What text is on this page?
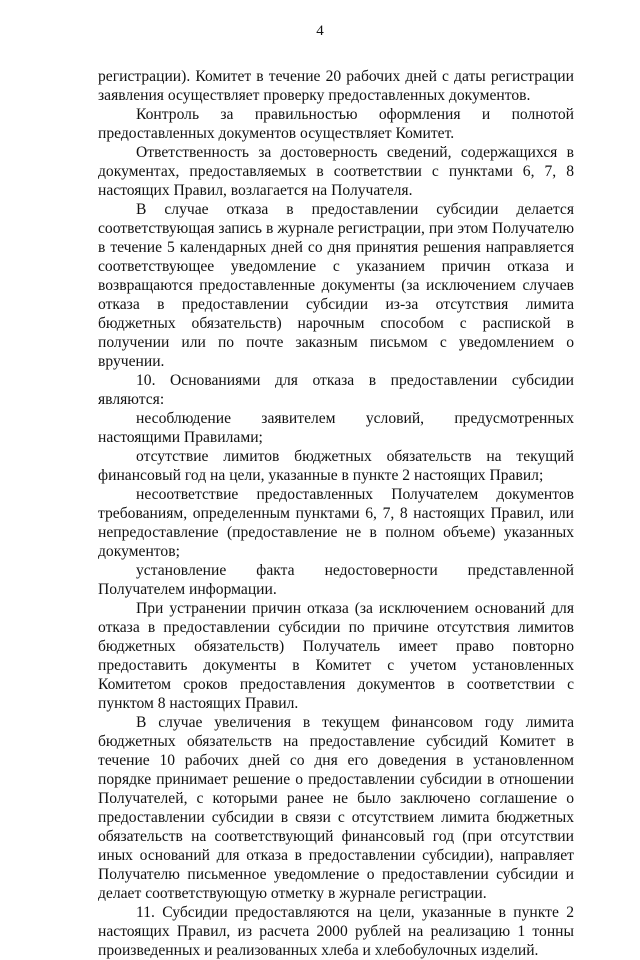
4

регистрации). Комитет в течение 20 рабочих дней с даты регистрации заявления осуществляет проверку предоставленных документов.

Контроль за правильностью оформления и полнотой предоставленных документов осуществляет Комитет.

Ответственность за достоверность сведений, содержащихся в документах, предоставляемых в соответствии с пунктами 6, 7, 8 настоящих Правил, возлагается на Получателя.

В случае отказа в предоставлении субсидии делается соответствующая запись в журнале регистрации, при этом Получателю в течение 5 календарных дней со дня принятия решения направляется соответствующее уведомление с указанием причин отказа и возвращаются предоставленные документы (за исключением случаев отказа в предоставлении субсидии из-за отсутствия лимита бюджетных обязательств) нарочным способом с распиской в получении или по почте заказным письмом с уведомлением о вручении.

10. Основаниями для отказа в предоставлении субсидии являются:

несоблюдение заявителем условий, предусмотренных настоящими Правилами;

отсутствие лимитов бюджетных обязательств на текущий финансовый год на цели, указанные в пункте 2 настоящих Правил;

несоответствие предоставленных Получателем документов требованиям, определенным пунктами 6, 7, 8 настоящих Правил, или непредоставление (предоставление не в полном объеме) указанных документов;

установление факта недостоверности представленной Получателем информации.

При устранении причин отказа (за исключением оснований для отказа в предоставлении субсидии по причине отсутствия лимитов бюджетных обязательств) Получатель имеет право повторно предоставить документы в Комитет с учетом установленных Комитетом сроков предоставления документов в соответствии с пунктом 8 настоящих Правил.

В случае увеличения в текущем финансовом году лимита бюджетных обязательств на предоставление субсидий Комитет в течение 10 рабочих дней со дня его доведения в установленном порядке принимает решение о предоставлении субсидии в отношении Получателей, с которыми ранее не было заключено соглашение о предоставлении субсидии в связи с отсутствием лимита бюджетных обязательств на соответствующий финансовый год (при отсутствии иных оснований для отказа в предоставлении субсидии), направляет Получателю письменное уведомление о предоставлении субсидии и делает соответствующую отметку в журнале регистрации.

11. Субсидии предоставляются на цели, указанные в пункте 2 настоящих Правил, из расчета 2000 рублей на реализацию 1 тонны произведенных и реализованных хлеба и хлебобулочных изделий.
